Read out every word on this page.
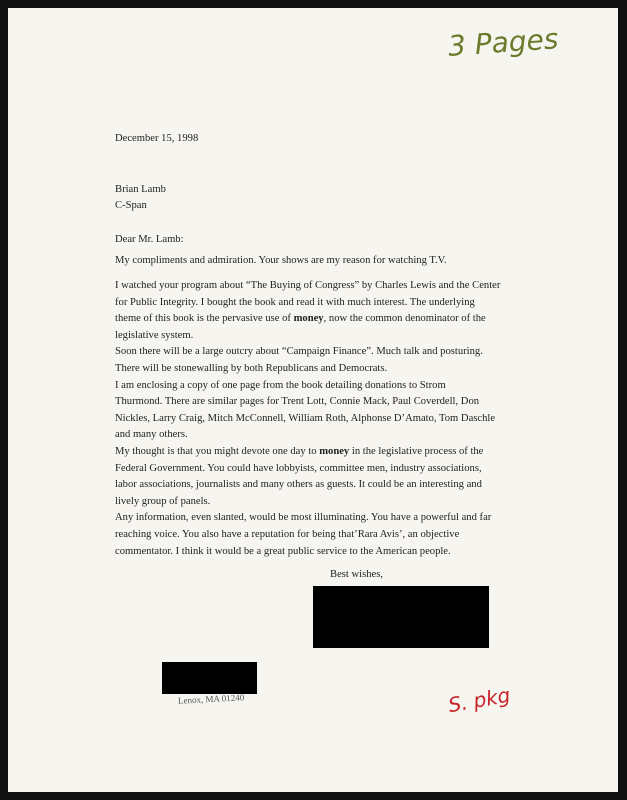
3 Pages
December 15, 1998
Brian Lamb
C-Span
Dear Mr. Lamb:
My compliments and admiration. Your shows are my reason for watching T.V.
I watched your program about “The Buying of Congress” by Charles Lewis and the Center
for Public Integrity. I bought the book and read it with much interest. The underlying
theme of this book is the pervasive use of money, now the common denominator of the
legislative system.
Soon there will be a large outcry about “Campaign Finance”. Much talk and posturing.
There will be stonewalling by both Republicans and Democrats.
I am enclosing a copy of one page from the book detailing donations to Strom
Thurmond. There are similar pages for Trent Lott, Connie Mack, Paul Coverdell, Don
Nickles, Larry Craig, Mitch McConnell, William Roth, Alphonse D’Amato, Tom Daschle
and many others.
My thought is that you might devote one day to money in the legislative process of the
Federal Government. You could have lobbyists, committee men, industry associations,
labor associations, journalists and many others as guests. It could be an interesting and
lively group of panels.
Any information, even slanted, would be most illuminating. You have a powerful and far
reaching voice. You also have a reputation for being that’Rara Avis’, an objective
commentator. I think it would be a great public service to the American people.
Best wishes,
Lenox, MA 01240	S. pkg
